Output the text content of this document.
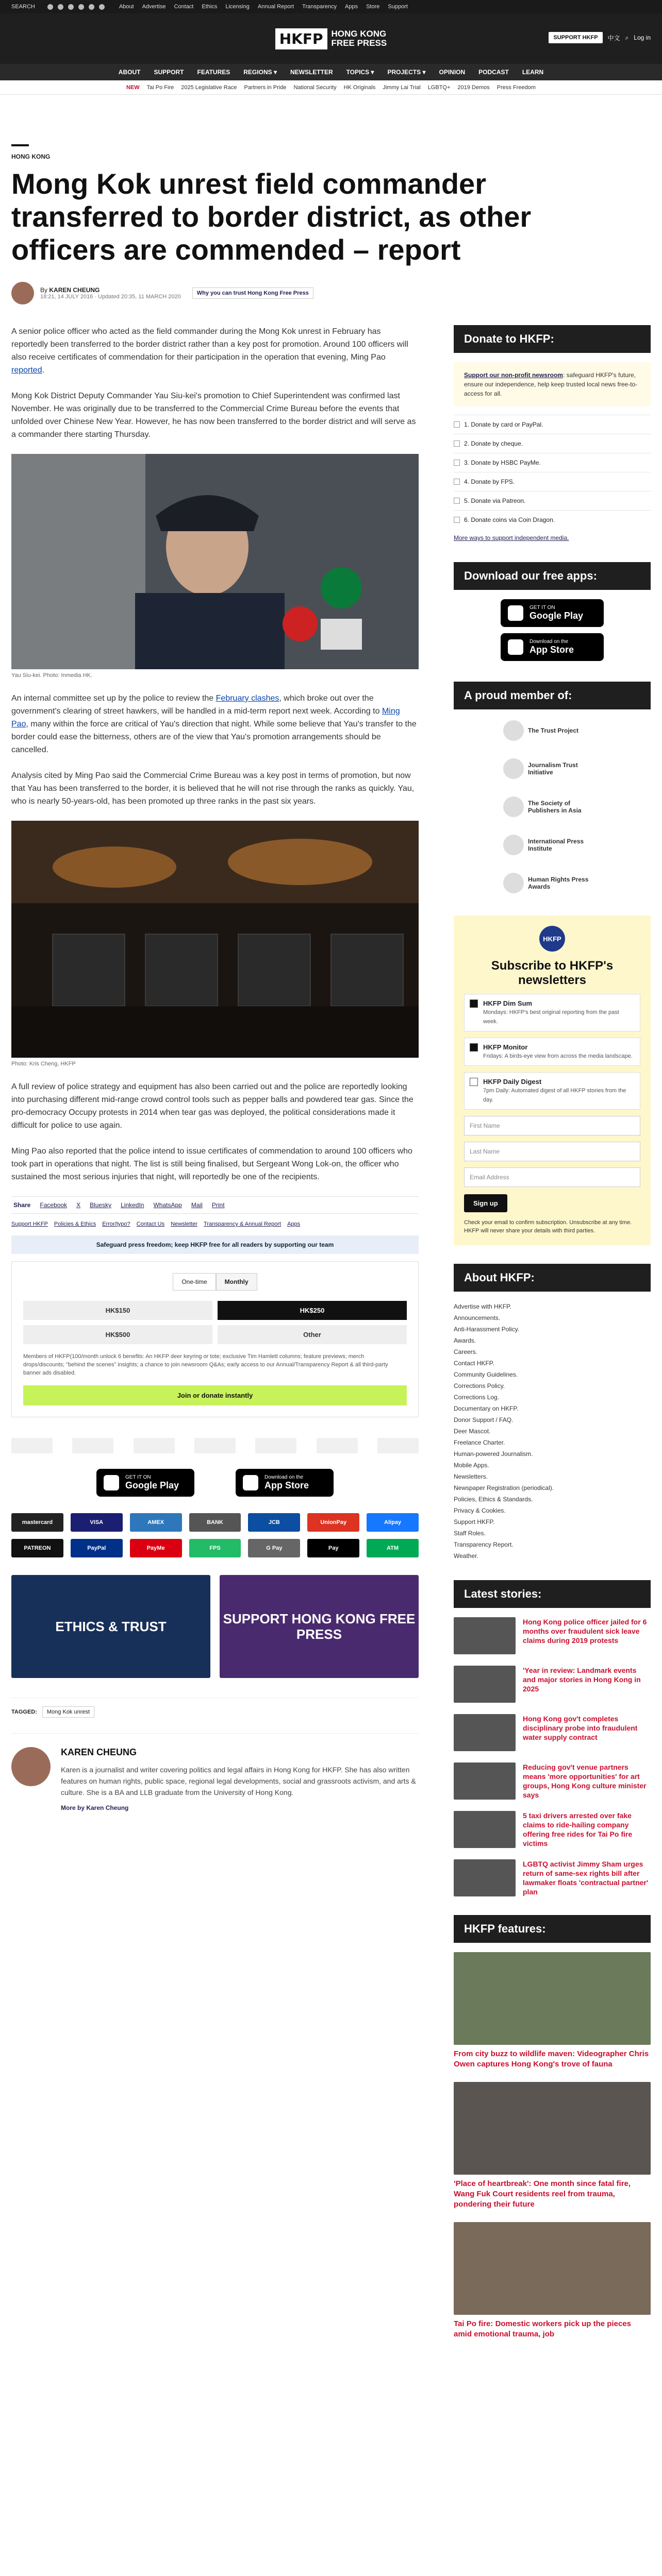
SEARCH	About Advertise Contact Ethics Licensing Annual Report Transparency Apps Store Support
HKFP HONG KONG
FREE PRESS
SUPPORT HKFP	中文 ⌕ Log in
ABOUT SUPPORT FEATURES REGIONS ▾ NEWSLETTER TOPICS ▾ PROJECTS ▾ OPINION PODCAST LEARN
NEW Tai Po Fire 2025 Legislative Race Partners in Pride National Security HK Originals Jimmy Lai Trial LGBTQ+ 2019 Demos Press Freedom
HONG KONG
Mong Kok unrest field commander transferred to border district, as other officers are commended – report
By KAREN CHEUNG
18:21, 14 JULY 2016 · Updated 20:35, 11 MARCH 2020
Why you can trust Hong Kong Free Press

A senior police officer who acted as the field commander during the Mong Kok unrest in February has reportedly been transferred to the border district rather than a key post for promotion. Around 100 officers will also receive certificates of commendation for their participation in the operation that evening, Ming Pao reported.

Mong Kok District Deputy Commander Yau Siu-kei's promotion to Chief Superintendent was confirmed last November. He was originally due to be transferred to the Commercial Crime Bureau before the events that unfolded over Chinese New Year. However, he has now been transferred to the border district and will serve as a commander there starting Thursday.

Yau Siu-kei. Photo: Inmedia HK.

An internal committee set up by the police to review the February clashes, which broke out over the government's clearing of street hawkers, will be handled in a mid-term report next week. According to Ming Pao, many within the force are critical of Yau's direction that night. While some believe that Yau's transfer to the border could ease the bitterness, others are of the view that Yau's promotion arrangements should be cancelled.

Analysis cited by Ming Pao said the Commercial Crime Bureau was a key post in terms of promotion, but now that Yau has been transferred to the border, it is believed that he will not rise through the ranks as quickly. Yau, who is nearly 50-years-old, has been promoted up three ranks in the past six years.

Photo: Kris Cheng, HKFP

A full review of police strategy and equipment has also been carried out and the police are reportedly looking into purchasing different mid-range crowd control tools such as pepper balls and powdered tear gas. Since the pro-democracy Occupy protests in 2014 when tear gas was deployed, the political considerations made it difficult for police to use again.

Ming Pao also reported that the police intend to issue certificates of commendation to around 100 officers who took part in operations that night. The list is still being finalised, but Sergeant Wong Lok-on, the officer who sustained the most serious injuries that night, will reportedly be one of the recipients.

Share Facebook X Bluesky LinkedIn WhatsApp Mail Print
Support HKFP Policies & Ethics Error/typo? Contact Us Newsletter Transparency & Annual Report Apps
Safeguard press freedom; keep HKFP free for all readers by supporting our team
One-time	Monthly
HK$150	HK$250
HK$500	Other
Members of HKFP(100/month unlock 6 benefits: An HKFP deer keyring or tote; exclusive Tim Hamlett columns; feature previews; merch drops/discounts; "behind the scenes" insights; a chance to join newsroom Q&As; early access to our Annual/Transparency Report & all third-party banner ads disabled.
Join or donate instantly
GET IT ON
Google Play
Download on the
App Store
mastercard	VISA	AMEX	BANK	JCB	UnionPay	Alipay
PATREON	PayPal	PayMe	FPS	G Pay	Pay	ATM
ETHICS & TRUST	SUPPORT HONG KONG FREE PRESS
TAGGED:	Mong Kok unrest
KAREN CHEUNG

Karen is a journalist and writer covering politics and legal affairs in Hong Kong for HKFP. She has also written features on human rights, public space, regional legal developments, social and grassroots activism, and arts & culture. She is a BA and LLB graduate from the University of Hong Kong.

More by Karen Cheung
Donate to HKFP:

Support our non-profit newsroom: safeguard HKFP's future, ensure our independence, help keep trusted local news free-to-access for all.

1. Donate by card or PayPal.
2. Donate by cheque.
3. Donate by HSBC PayMe.
4. Donate by FPS.
5. Donate via Patreon.
6. Donate coins via Coin Dragon.
More ways to support independent media.
Download our free apps:
GET IT ON
Google Play
Download on the
App Store
A proud member of:
The Trust Project
Journalism Trust Initiative
The Society of Publishers in Asia
International Press Institute
Human Rights Press Awards
HKFP
Subscribe to HKFP's newsletters
HKFP Dim Sum
Mondays: HKFP's best original reporting from the past week.
HKFP Monitor
Fridays: A birds-eye view from across the media landscape.
HKFP Daily Digest
7pm Daily: Automated digest of all HKFP stories from the day.
First Name
Last Name
Email Address
Sign up
Check your email to confirm subscription. Unsubscribe at any time. HKFP will never share your details with third parties.
About HKFP:
Advertise with HKFP.
Announcements.
Anti-Harassment Policy.
Awards.
Careers.
Contact HKFP.
Community Guidelines.
Corrections Policy.
Corrections Log.
Documentary on HKFP.
Donor Support / FAQ.
Deer Mascot.
Freelance Charter.
Human-powered Journalism.
Mobile Apps.
Newsletters.
Newspaper Registration (periodical).
Policies, Ethics & Standards.
Privacy & Cookies.
Support HKFP.
Staff Roles.
Transparency Report.
Weather.
Latest stories:
Hong Kong police officer jailed for 6 months over fraudulent sick leave claims during 2019 protests
'Year in review: Landmark events and major stories in Hong Kong in 2025
Hong Kong gov't completes disciplinary probe into fraudulent water supply contract
Reducing gov't venue partners means 'more opportunities' for art groups, Hong Kong culture minister says
5 taxi drivers arrested over fake claims to ride-hailing company offering free rides for Tai Po fire victims
LGBTQ activist Jimmy Sham urges return of same-sex rights bill after lawmaker floats 'contractual partner' plan
HKFP features:
From city buzz to wildlife maven: Videographer Chris Owen captures Hong Kong's trove of fauna
'Place of heartbreak': One month since fatal fire, Wang Fuk Court residents reel from trauma, pondering their future
Tai Po fire: Domestic workers pick up the pieces amid emotional trauma, job
